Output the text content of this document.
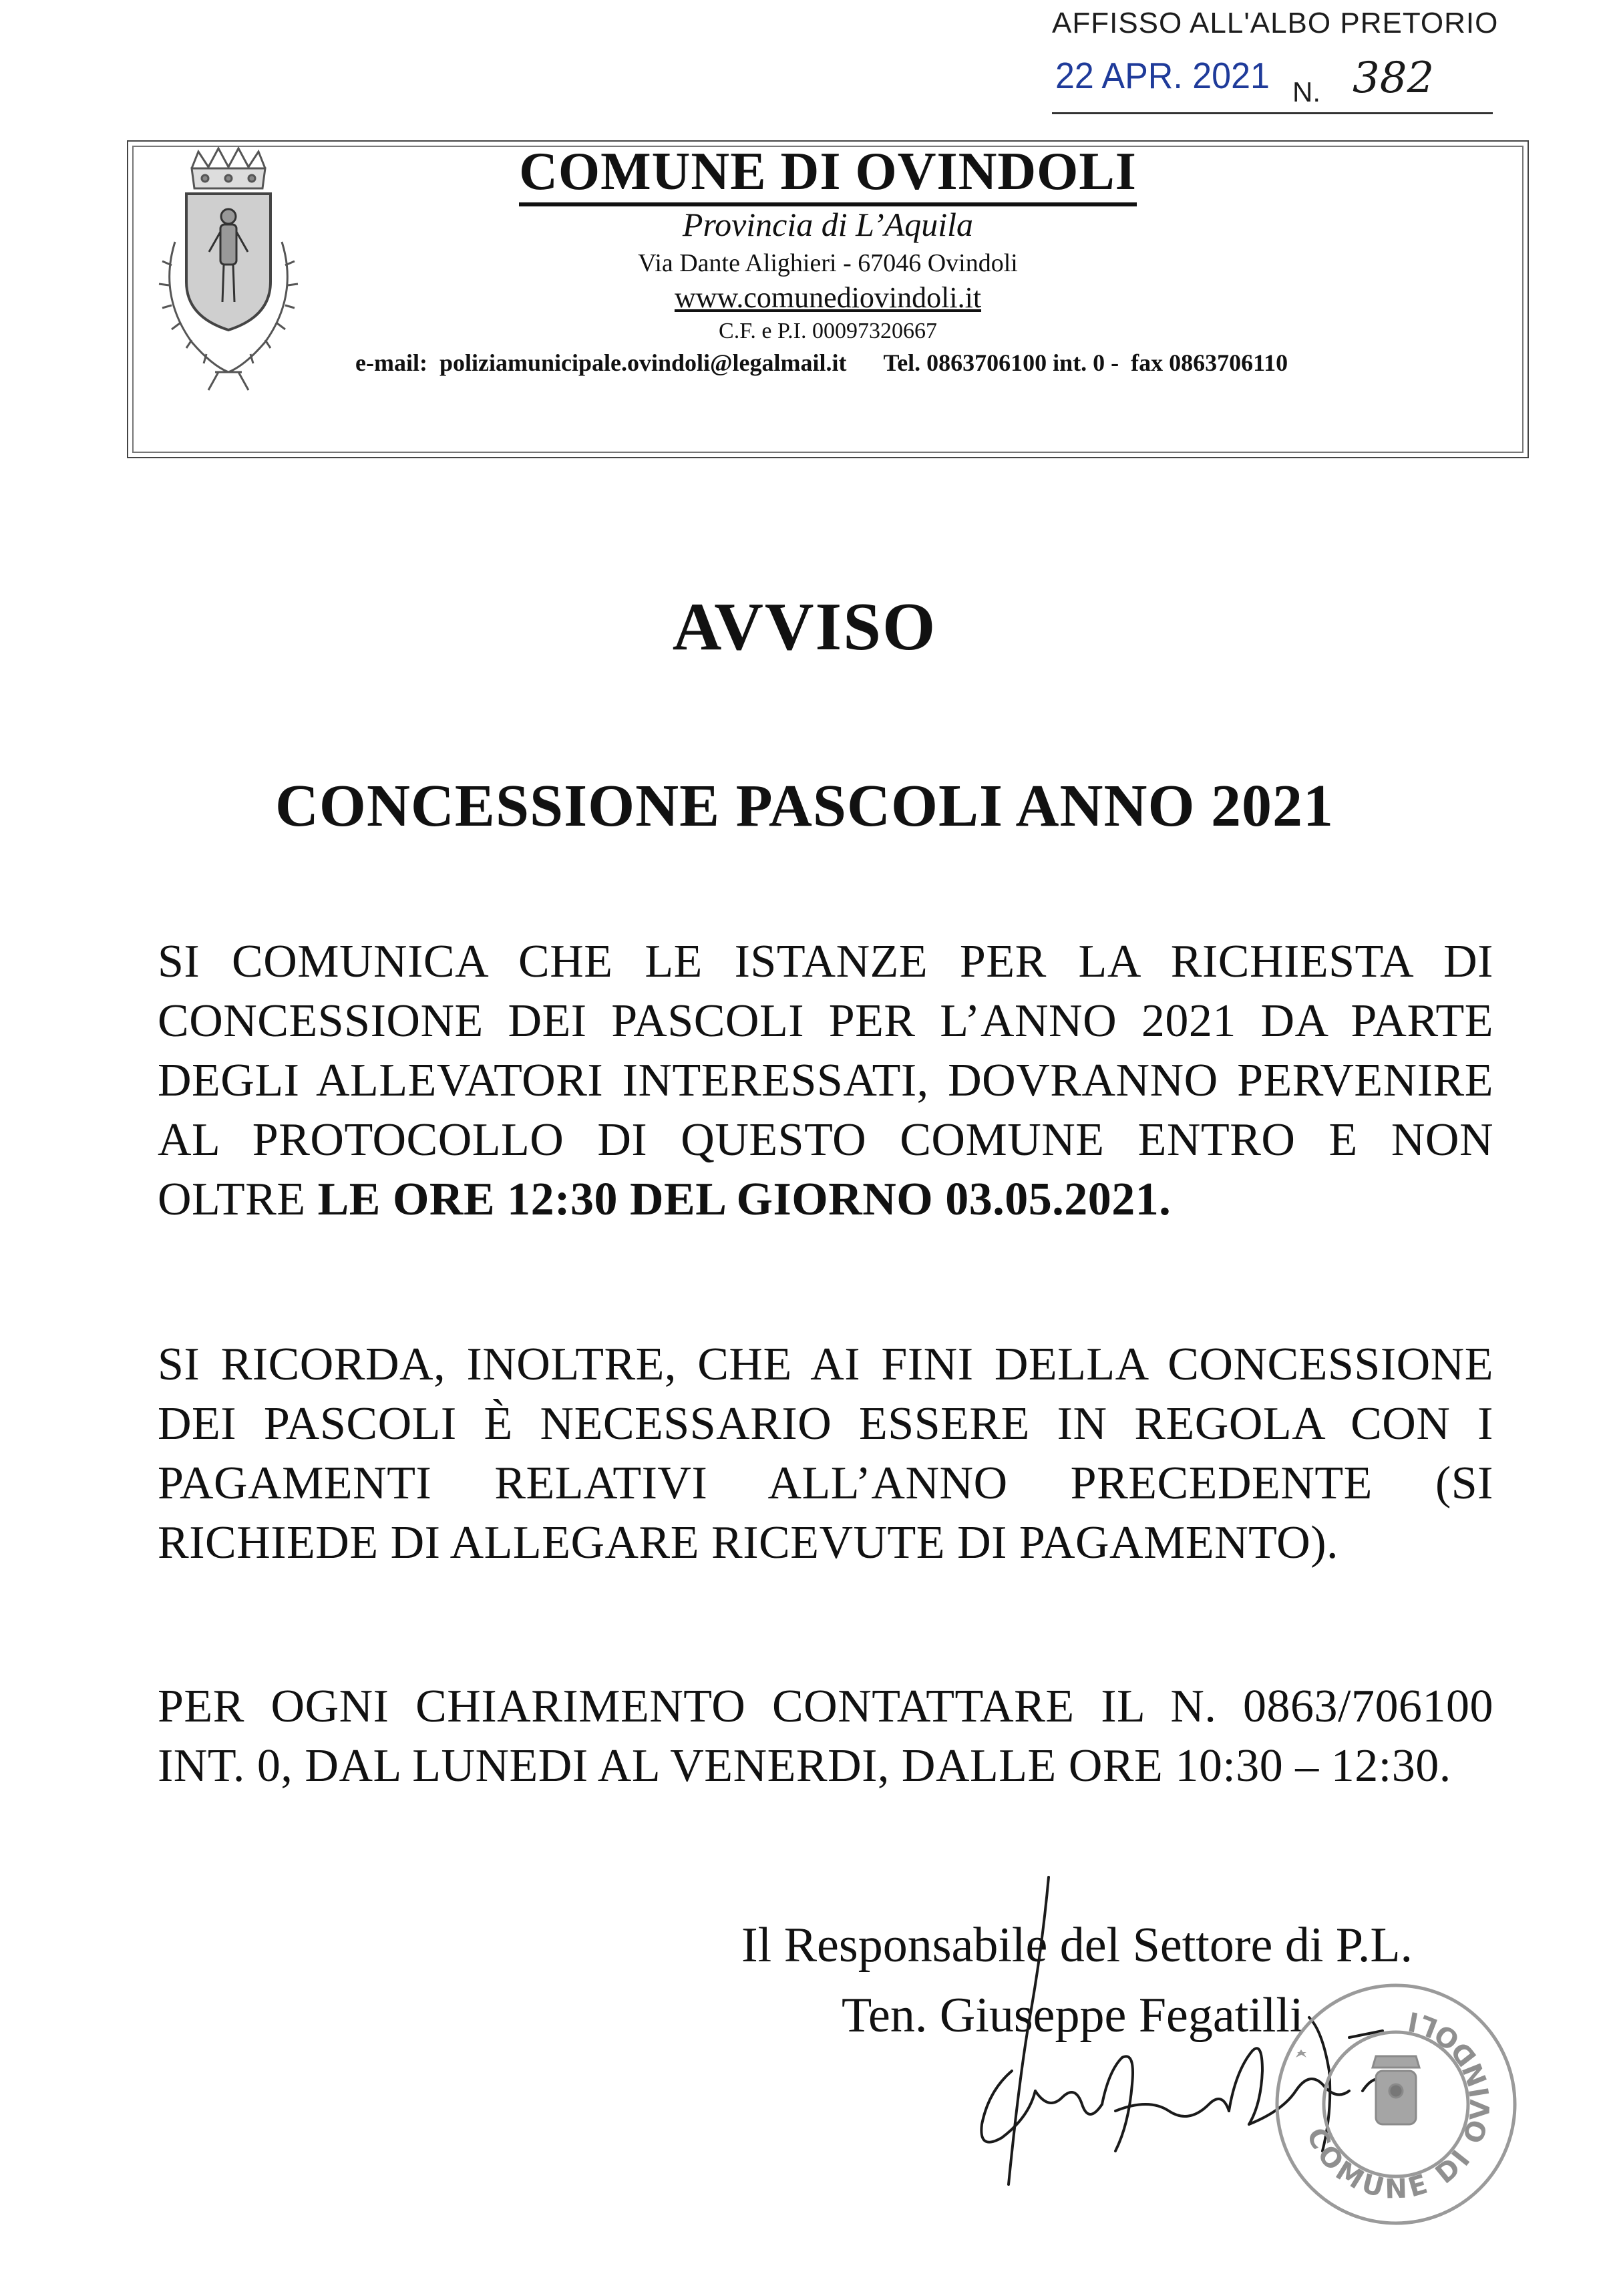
AFFISSO ALL'ALBO PRETORIO
22 APR. 2021 N. 382
COMUNE DI OVINDOLI
Provincia di L’Aquila
Via Dante Alighieri - 67046 Ovindoli
www.comunediovindoli.it
C.F. e P.I. 00097320667
e-mail: poliziamunicipale.ovindoli@legalmail.it Tel. 0863706100 int. 0 - fax 0863706110
AVVISO
CONCESSIONE PASCOLI ANNO 2021
SI COMUNICA CHE LE ISTANZE PER LA RICHIESTA DI CONCESSIONE DEI PASCOLI PER L’ANNO 2021 DA PARTE DEGLI ALLEVATORI INTERESSATI, DOVRANNO PERVENIRE AL PROTOCOLLO DI QUESTO COMUNE ENTRO E NON OLTRE LE ORE 12:30 DEL GIORNO 03.05.2021.
SI RICORDA, INOLTRE, CHE AI FINI DELLA CONCESSIONE DEI PASCOLI È NECESSARIO ESSERE IN REGOLA CON I PAGAMENTI RELATIVI ALL’ANNO PRECEDENTE (SI RICHIEDE DI ALLEGARE RICEVUTE DI PAGAMENTO).
PER OGNI CHIARIMENTO CONTATTARE IL N. 0863/706100 INT. 0, DAL LUNEDI AL VENERDI, DALLE ORE 10:30 – 12:30.
Il Responsabile del Settore di P.L.
Ten. Giuseppe Fegatilli
COMUNE DI OVINDOLI
